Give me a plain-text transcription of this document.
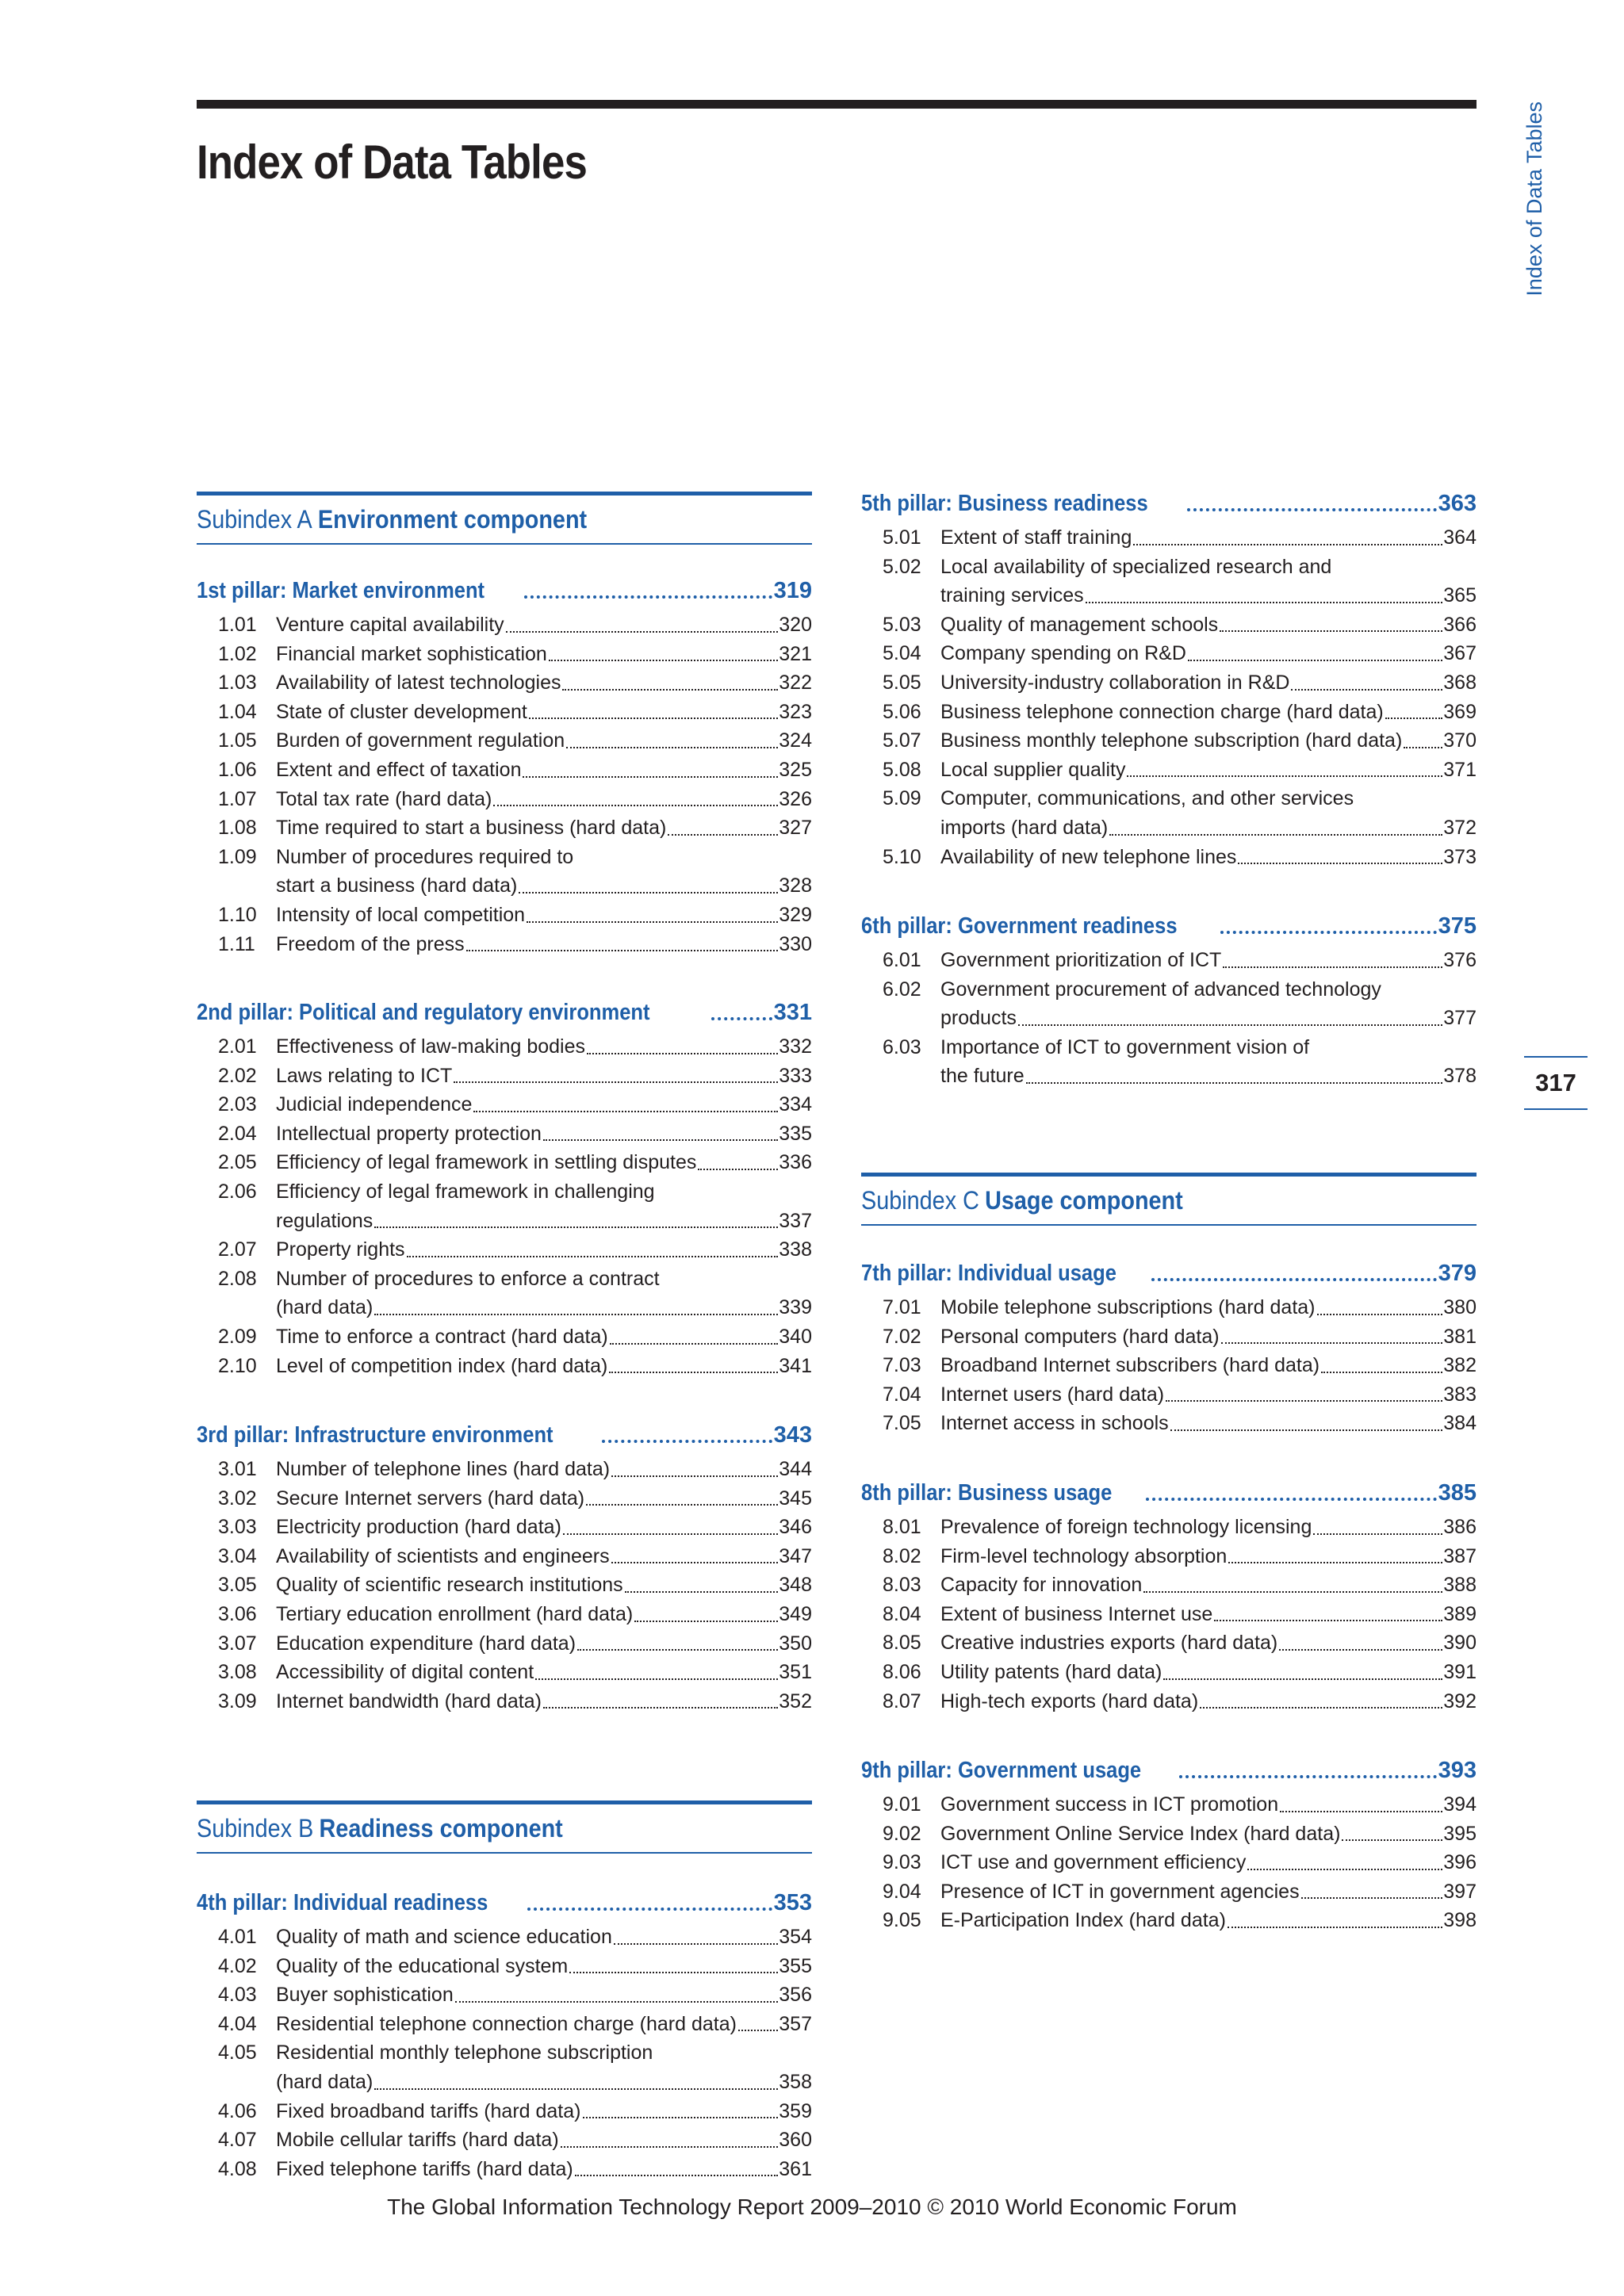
Index of Data Tables	Index of Data Tables
317
Subindex A Environment component
1st pillar: Market environment	319
1.01 Venture capital availability	320
1.02 Financial market sophistication	321
1.03 Availability of latest technologies	322
1.04 State of cluster development	323
1.05 Burden of government regulation	324
1.06 Extent and effect of taxation	325
1.07 Total tax rate (hard data)	326
1.08 Time required to start a business (hard data)	327
1.09 Number of procedures required to
start a business (hard data)	328
1.10 Intensity of local competition	329
1.11	Freedom of the press	330
2nd pillar: Political and regulatory environment	331
2.01 Effectiveness of law-making bodies	332
2.02 Laws relating to ICT	333
2.03 Judicial independence	334
2.04 Intellectual property protection	335
2.05 Efficiency of legal framework in settling disputes	336
2.06 Efficiency of legal framework in challenging
regulations	337
2.07 Property rights	338
2.08 Number of procedures to enforce a contract
(hard data)	339
2.09 Time to enforce a contract (hard data)	340
2.10 Level of competition index (hard data)	341
3rd pillar: Infrastructure environment	343
3.01 Number of telephone lines (hard data)	344
3.02 Secure Internet servers (hard data)	345
3.03 Electricity production (hard data)	346
3.04 Availability of scientists and engineers	347
3.05 Quality of scientific research institutions	348
3.06 Tertiary education enrollment (hard data)	349
3.07 Education expenditure (hard data)	350
3.08 Accessibility of digital content	351
3.09 Internet bandwidth (hard data)	352
Subindex B Readiness component
4th pillar: Individual readiness	353
4.01 Quality of math and science education	354
4.02 Quality of the educational system	355
4.03 Buyer sophistication	356
4.04 Residential telephone connection charge (hard data) 357
4.05 Residential monthly telephone subscription
(hard data)	358
4.06 Fixed broadband tariffs (hard data)	359
4.07 Mobile cellular tariffs (hard data)	360
4.08 Fixed telephone tariffs (hard data)	361
5th pillar: Business readiness	363
5.01 Extent of staff training	364
5.02 Local availability of specialized research and
training services	365
5.03 Quality of management schools	366
5.04 Company spending on R&D	367
5.05 University-industry collaboration in R&D	368
5.06 Business telephone connection charge (hard data)	369
5.07 Business monthly telephone subscription (hard data) 370
5.08 Local supplier quality	371
5.09 Computer, communications, and other services
imports (hard data)	372
5.10 Availability of new telephone lines	373
6th pillar: Government readiness	375
6.01 Government prioritization of ICT	376
6.02 Government procurement of advanced technology
products	377
6.03 Importance of ICT to government vision of
the future	378
Subindex C Usage component
7th pillar: Individual usage	379
7.01 Mobile telephone subscriptions (hard data)	380
7.02 Personal computers (hard data)	381
7.03 Broadband Internet subscribers (hard data)	382
7.04 Internet users (hard data)	383
7.05 Internet access in schools	384
8th pillar: Business usage	385
8.01 Prevalence of foreign technology licensing	386
8.02 Firm-level technology absorption	387
8.03 Capacity for innovation	388
8.04 Extent of business Internet use	389
8.05 Creative industries exports (hard data)	390
8.06 Utility patents (hard data)	391
8.07 High-tech exports (hard data)	392
9th pillar: Government usage	393
9.01 Government success in ICT promotion	394
9.02 Government Online Service Index (hard data)	395
9.03 ICT use and government efficiency	396
9.04 Presence of ICT in government agencies	397
9.05 E-Participation Index (hard data)	398
The Global Information Technology Report 2009–2010 © 2010 World Economic Forum
